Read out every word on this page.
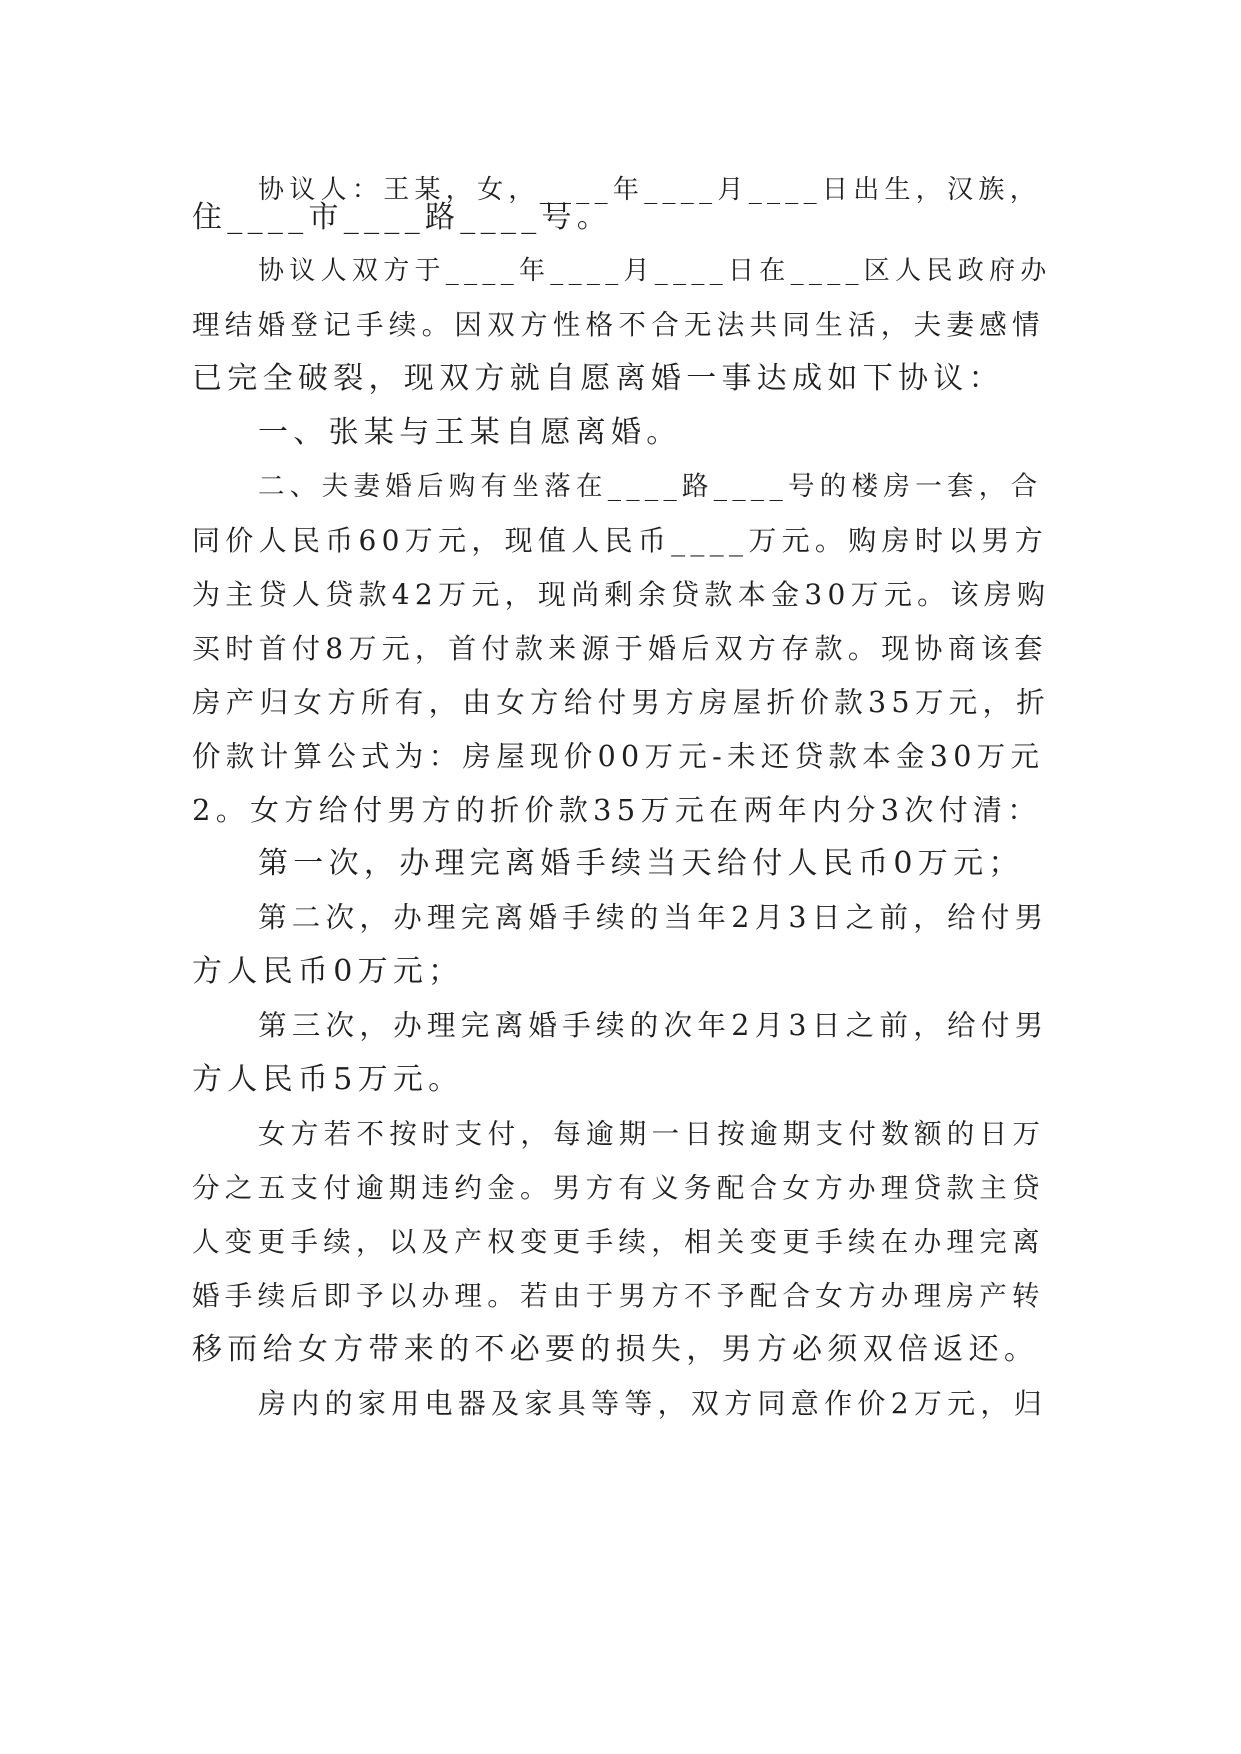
协议人：王某，女，____年____月____日出生，汉族，
住____市____路____号。
协议人双方于____年____月____日在____区人民政府办
理结婚登记手续。因双方性格不合无法共同生活，夫妻感情
已完全破裂，现双方就自愿离婚一事达成如下协议：
一、张某与王某自愿离婚。
二、夫妻婚后购有坐落在____路____号的楼房一套，合
同价人民币60万元，现值人民币____万元。购房时以男方
为主贷人贷款42万元，现尚剩余贷款本金30万元。该房购
买时首付8万元，首付款来源于婚后双方存款。现协商该套
房产归女方所有，由女方给付男方房屋折价款35万元，折
价款计算公式为：房屋现价00万元-未还贷款本金30万元
2。女方给付男方的折价款35万元在两年内分3次付清：
第一次，办理完离婚手续当天给付人民币0万元；
第二次，办理完离婚手续的当年2月3日之前，给付男
方人民币0万元；
第三次，办理完离婚手续的次年2月3日之前，给付男
方人民币5万元。
女方若不按时支付，每逾期一日按逾期支付数额的日万
分之五支付逾期违约金。男方有义务配合女方办理贷款主贷
人变更手续，以及产权变更手续，相关变更手续在办理完离
婚手续后即予以办理。若由于男方不予配合女方办理房产转
移而给女方带来的不必要的损失，男方必须双倍返还。
房内的家用电器及家具等等，双方同意作价2万元，归
